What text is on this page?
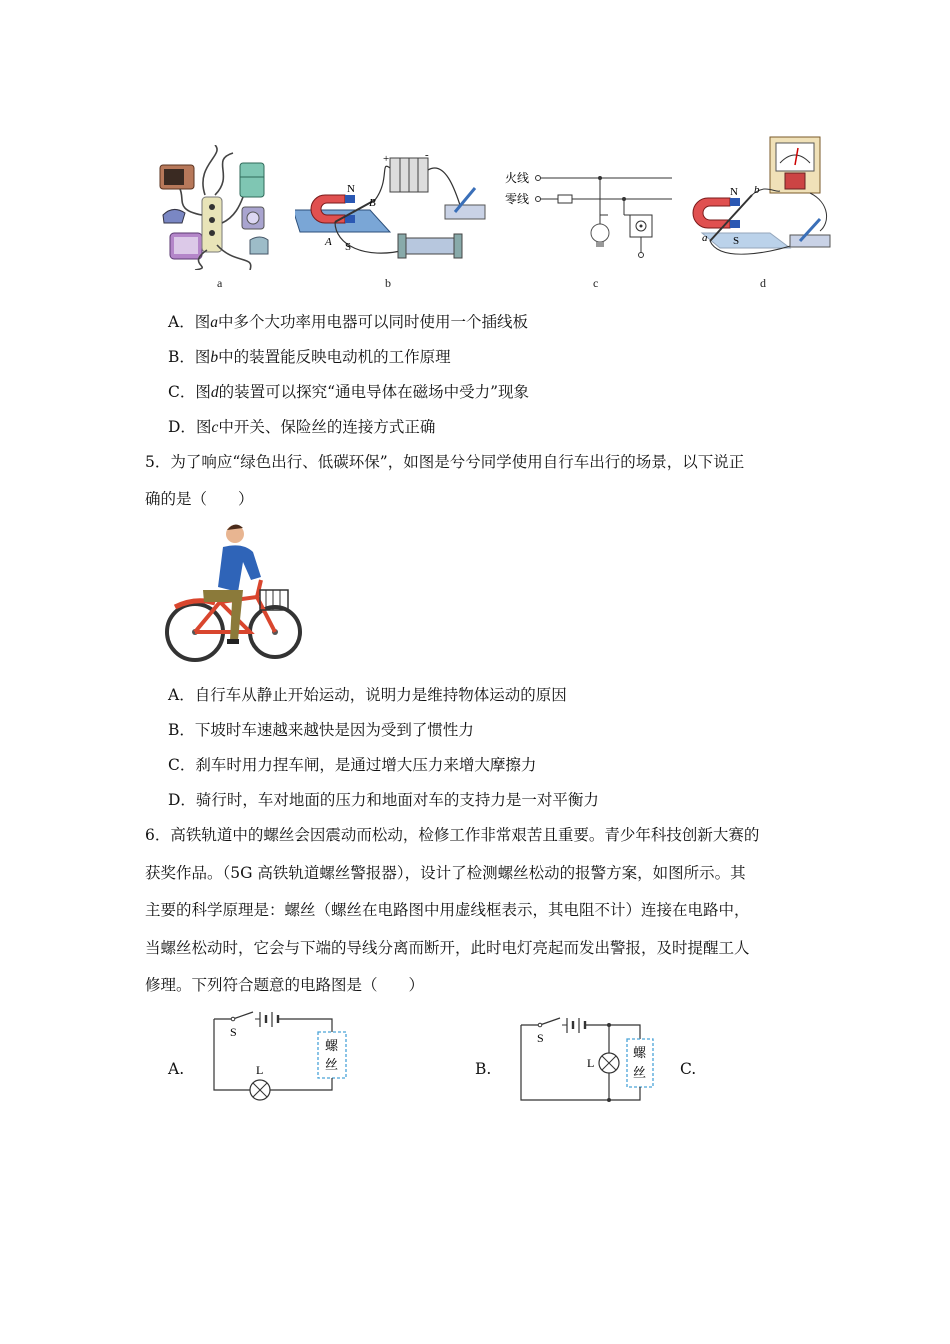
a
N
S
A
B
+	-
b
火线
零线
c
N
S
a
b
d
A．图a中多个大功率用电器可以同时使用一个插线板
B．图b中的装置能反映电动机的工作原理
C．图d的装置可以探究“通电导体在磁场中受力”现象
D．图c中开关、保险丝的连接方式正确
5．为了响应“绿色出行、低碳环保”，如图是兮兮同学使用自行车出行的场景，以下说正
确的是（　　）
A．自行车从静止开始运动，说明力是维持物体运动的原因
B．下坡时车速越来越快是因为受到了惯性力
C．刹车时用力捏车闸，是通过增大压力来增大摩擦力
D．骑行时，车对地面的压力和地面对车的支持力是一对平衡力
6．高铁轨道中的螺丝会因震动而松动，检修工作非常艰苦且重要。青少年科技创新大赛的
获奖作品。（5G 高铁轨道螺丝警报器），设计了检测螺丝松动的报警方案，如图所示。其
主要的科学原理是：螺丝（螺丝在电路图中用虚线框表示，其电阻不计）连接在电路中，
当螺丝松动时，它会与下端的导线分离而断开，此时电灯亮起而发出警报，及时提醒工人
修理。下列符合题意的电路图是（　　）
A.
螺
丝
S
L	B.
螺
丝
S
L	C.
